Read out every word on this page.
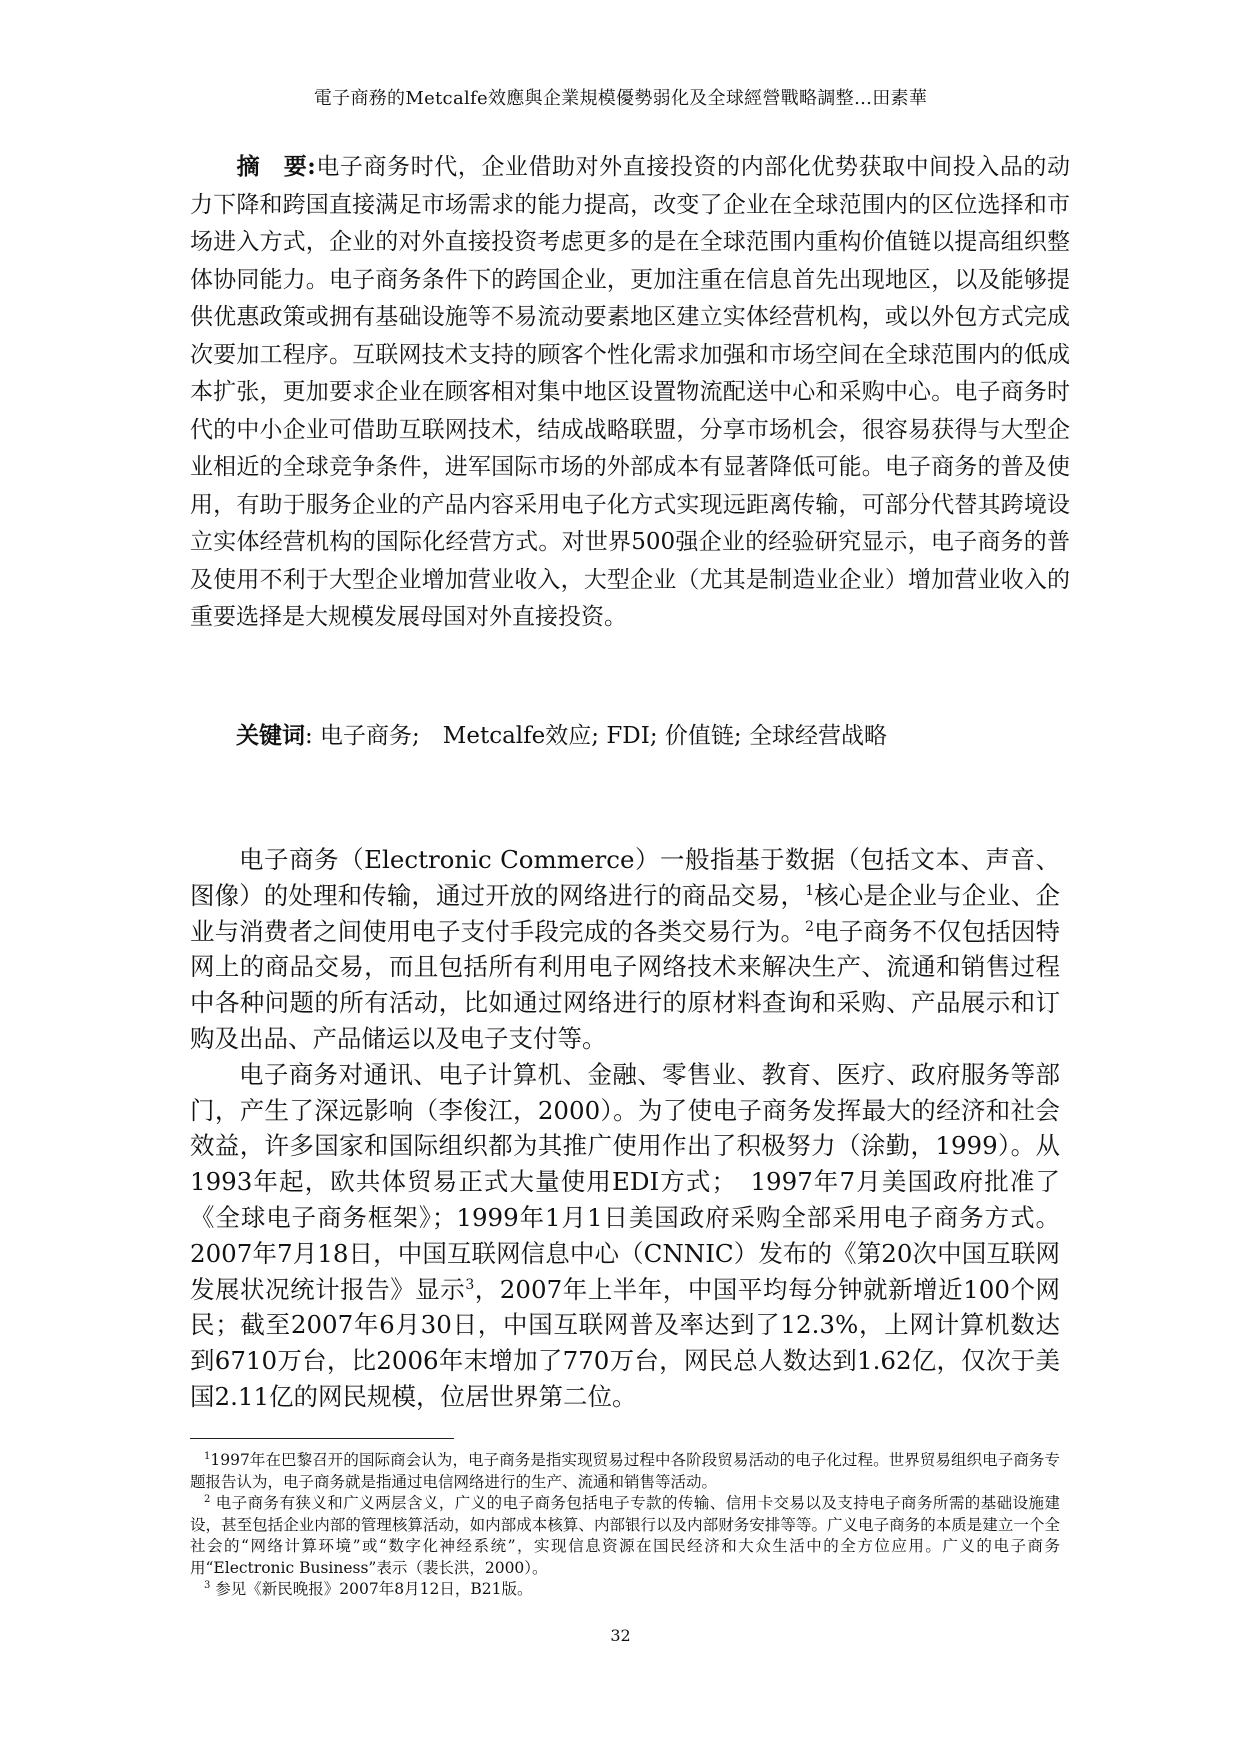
電子商務的Metcalfe效應與企業規模優勢弱化及全球經營戰略調整…田素華
摘　要:电子商务时代，企业借助对外直接投资的内部化优势获取中间投入品的动力下降和跨国直接满足市场需求的能力提高，改变了企业在全球范围内的区位选择和市场进入方式，企业的对外直接投资考虑更多的是在全球范围内重构价值链以提高组织整体协同能力。电子商务条件下的跨国企业，更加注重在信息首先出现地区，以及能够提供优惠政策或拥有基础设施等不易流动要素地区建立实体经营机构，或以外包方式完成次要加工程序。互联网技术支持的顾客个性化需求加强和市场空间在全球范围内的低成本扩张，更加要求企业在顾客相对集中地区设置物流配送中心和采购中心。电子商务时代的中小企业可借助互联网技术，结成战略联盟，分享市场机会，很容易获得与大型企业相近的全球竞争条件，进军国际市场的外部成本有显著降低可能。电子商务的普及使用，有助于服务企业的产品内容采用电子化方式实现远距离传输，可部分代替其跨境设立实体经营机构的国际化经营方式。对世界500强企业的经验研究显示，电子商务的普及使用不利于大型企业增加营业收入，大型企业（尤其是制造业企业）增加营业收入的重要选择是大规模发展母国对外直接投资。
关键词: 电子商务;　Metcalfe效应; FDI; 价值链; 全球经营战略

电子商务（Electronic Commerce）一般指基于数据（包括文本、声音、图像）的处理和传输，通过开放的网络进行的商品交易，$^1$核心是企业与企业、企业与消费者之间使用电子支付手段完成的各类交易行为。$^2$电子商务不仅包括因特网上的商品交易，而且包括所有利用电子网络技术来解决生产、流通和销售过程中各种问题的所有活动，比如通过网络进行的原材料查询和采购、产品展示和订购及出品、产品储运以及电子支付等。

电子商务对通讯、电子计算机、金融、零售业、教育、医疗、政府服务等部门，产生了深远影响（李俊江，2000）。为了使电子商务发挥最大的经济和社会效益，许多国家和国际组织都为其推广使用作出了积极努力（涂勤，1999）。从1993年起，欧共体贸易正式大量使用EDI方式；　1997年7月美国政府批准了《全球电子商务框架》；1999年1月1日美国政府采购全部采用电子商务方式。2007年7月18日，中国互联网信息中心（CNNIC）发布的《第20次中国互联网发展状况统计报告》显示$^3$，2007年上半年，中国平均每分钟就新增近100个网民；截至2007年6月30日，中国互联网普及率达到了12.3%，上网计算机数达到6710万台，比2006年末增加了770万台，网民总人数达到1.62亿，仅次于美国2.11亿的网民规模，位居世界第二位。

$^1$1997年在巴黎召开的国际商会认为，电子商务是指实现贸易过程中各阶段贸易活动的电子化过程。世界贸易组织电子商务专题报告认为，电子商务就是指通过电信网络进行的生产、流通和销售等活动。

$^2$ 电子商务有狭义和广义两层含义，广义的电子商务包括电子专款的传输、信用卡交易以及支持电子商务所需的基础设施建设，甚至包括企业内部的管理核算活动，如内部成本核算、内部银行以及内部财务安排等等。广义电子商务的本质是建立一个全社会的“网络计算环境”或“数字化神经系统”，实现信息资源在国民经济和大众生活中的全方位应用。广义的电子商务用“Electronic Business”表示（裴长洪，2000）。

$^3$ 参见《新民晚报》2007年8月12日，B21版。

32
